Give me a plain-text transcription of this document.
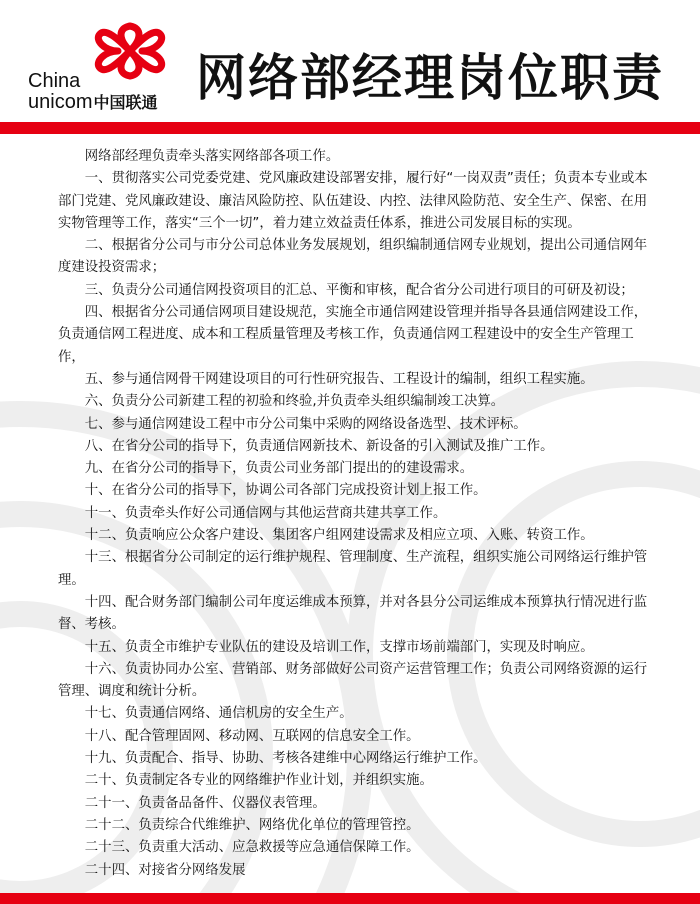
China
unicom中国联通 网络部经理岗位职责

网络部经理负责牵头落实网络部各项工作。

一、贯彻落实公司党委党建、党风廉政建设部署安排，履行好“一岗双责”责任；负责本专业或本部门党建、党风廉政建设、廉洁风险防控、队伍建设、内控、法律风险防范、安全生产、保密、在用实物管理等工作，落实“三个一切”，着力建立效益责任体系，推进公司发展目标的实现。

二、根据省分公司与市分公司总体业务发展规划，组织编制通信网专业规划，提出公司通信网年度建设投资需求；

三、负责分公司通信网投资项目的汇总、平衡和审核，配合省分公司进行项目的可研及初设；

四、根据省分公司通信网项目建设规范，实施全市通信网建设管理并指导各县通信网建设工作，负责通信网工程进度、成本和工程质量管理及考核工作，负责通信网工程建设中的安全生产管理工作，

五、参与通信网骨干网建设项目的可行性研究报告、工程设计的编制，组织工程实施。

六、负责分公司新建工程的初验和终验,并负责牵头组织编制竣工决算。

七、参与通信网建设工程中市分公司集中采购的网络设备选型、技术评标。

八、在省分公司的指导下，负责通信网新技术、新设备的引入测试及推广工作。

九、在省分公司的指导下，负责公司业务部门提出的的建设需求。

十、在省分公司的指导下，协调公司各部门完成投资计划上报工作。

十一、负责牵头作好公司通信网与其他运营商共建共享工作。

十二、负责响应公众客户建设、集团客户组网建设需求及相应立项、入账、转资工作。

十三、根据省分公司制定的运行维护规程、管理制度、生产流程，组织实施公司网络运行维护管理。

十四、配合财务部门编制公司年度运维成本预算，并对各县分公司运维成本预算执行情况进行监督、考核。

十五、负责全市维护专业队伍的建设及培训工作，支撑市场前端部门，实现及时响应。

十六、负责协同办公室、营销部、财务部做好公司资产运营管理工作；负责公司网络资源的运行管理、调度和统计分析。

十七、负责通信网络、通信机房的安全生产。

十八、配合管理固网、移动网、互联网的信息安全工作。

十九、负责配合、指导、协助、考核各建维中心网络运行维护工作。

二十、负责制定各专业的网络维护作业计划，并组织实施。

二十一、负责备品备件、仪器仪表管理。

二十二、负责综合代维维护、网络优化单位的管理管控。

二十三、负责重大活动、应急救援等应急通信保障工作。

二十四、对接省分网络发展
